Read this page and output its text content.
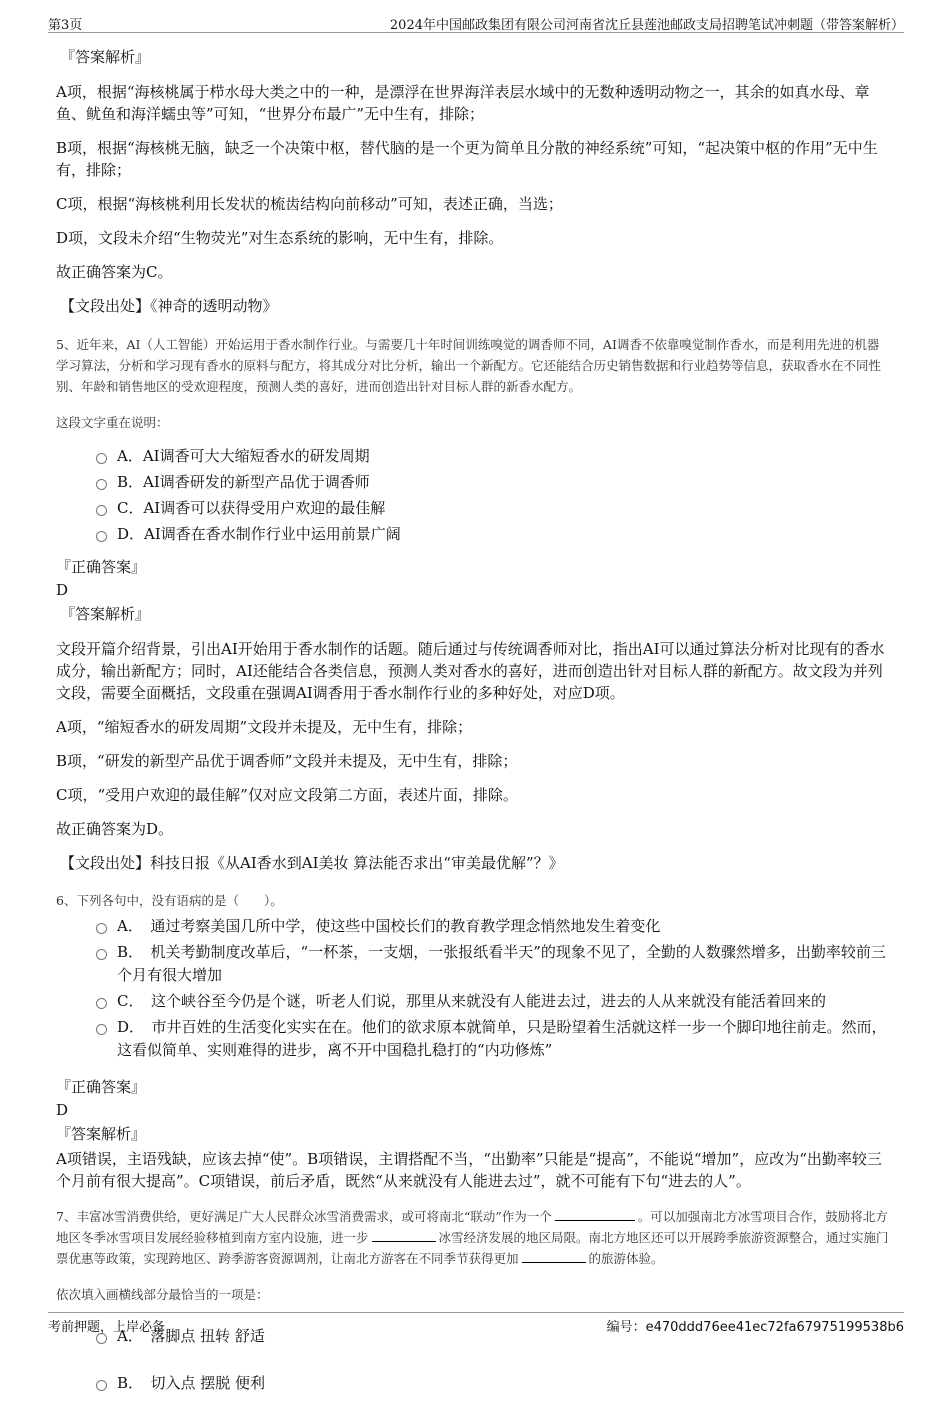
第3页	2024年中国邮政集团有限公司河南省沈丘县莲池邮政支局招聘笔试冲刺题（带答案解析）
『答案解析』

A项，根据“海核桃属于栉水母大类之中的一种，是漂浮在世界海洋表层水域中的无数种透明动物之一，其余的如真水母、章鱼、鱿鱼和海洋蠕虫等”可知，“世界分布最广”无中生有，排除；

B项，根据“海核桃无脑，缺乏一个决策中枢，替代脑的是一个更为简单且分散的神经系统”可知，“起决策中枢的作用”无中生有，排除；

C项，根据“海核桃利用长发状的梳齿结构向前移动”可知，表述正确，当选；

D项，文段未介绍“生物荧光”对生态系统的影响，无中生有，排除。

故正确答案为C。

【文段出处】《神奇的透明动物》

5、近年来，AI（人工智能）开始运用于香水制作行业。与需要几十年时间训练嗅觉的调香师不同，AI调香不依靠嗅觉制作香水，而是利用先进的机器学习算法，分析和学习现有香水的原料与配方，将其成分对比分析，输出一个新配方。它还能结合历史销售数据和行业趋势等信息，获取香水在不同性别、年龄和销售地区的受欢迎程度，预测人类的喜好，进而创造出针对目标人群的新香水配方。

这段文字重在说明：

A．AI调香可大大缩短香水的研发周期
B．AI调香研发的新型产品优于调香师
C．AI调香可以获得受用户欢迎的最佳解
D．AI调香在香水制作行业中运用前景广阔
『正确答案』
D
『答案解析』

文段开篇介绍背景，引出AI开始用于香水制作的话题。随后通过与传统调香师对比，指出AI可以通过算法分析对比现有的香水成分，输出新配方；同时，AI还能结合各类信息，预测人类对香水的喜好，进而创造出针对目标人群的新配方。故文段为并列文段，需要全面概括，文段重在强调AI调香用于香水制作行业的多种好处，对应D项。

A项，“缩短香水的研发周期”文段并未提及，无中生有，排除；

B项，“研发的新型产品优于调香师”文段并未提及，无中生有，排除；

C项，“受用户欢迎的最佳解”仅对应文段第二方面，表述片面，排除。

故正确答案为D。

【文段出处】科技日报《从AI香水到AI美妆 算法能否求出“审美最优解”？》

6、下列各句中，没有语病的是（　　）。

A．　通过考察美国几所中学，使这些中国校长们的教育教学理念悄然地发生着变化
B．　机关考勤制度改革后，“一杯茶，一支烟，一张报纸看半天”的现象不见了，全勤的人数骤然增多，出勤率较前三个月有很大增加
C．　这个峡谷至今仍是个谜，听老人们说，那里从来就没有人能进去过，进去的人从来就没有能活着回来的
D．　市井百姓的生活变化实实在在。他们的欲求原本就简单，只是盼望着生活就这样一步一个脚印地往前走。然而，这看似简单、实则难得的进步，离不开中国稳扎稳打的“内功修炼”
『正确答案』
D
『答案解析』

A项错误，主语残缺，应该去掉“使”。B项错误，主谓搭配不当，“出勤率”只能是“提高”，不能说“增加”，应改为“出勤率较三个月前有很大提高”。C项错误，前后矛盾，既然“从来就没有人能进去过”，就不可能有下句“进去的人”。

7、丰富冰雪消费供给，更好满足广大人民群众冰雪消费需求，或可将南北“联动”作为一个	。可以加强南北方冰雪项目合作，鼓励将北方地区冬季冰雪项目发展经验移植到南方室内设施，进一步	冰雪经济发展的地区局限。南北方地区还可以开展跨季旅游资源整合，通过实施门票优惠等政策，实现跨地区、跨季游客资源调剂，让南北方游客在不同季节获得更加	的旅游体验。

依次填入画横线部分最恰当的一项是：

A．　落脚点 扭转 舒适
B．　切入点 摆脱 便利
考前押题，上岸必备	编号：e470ddd76ee41ec72fa67975199538b6
